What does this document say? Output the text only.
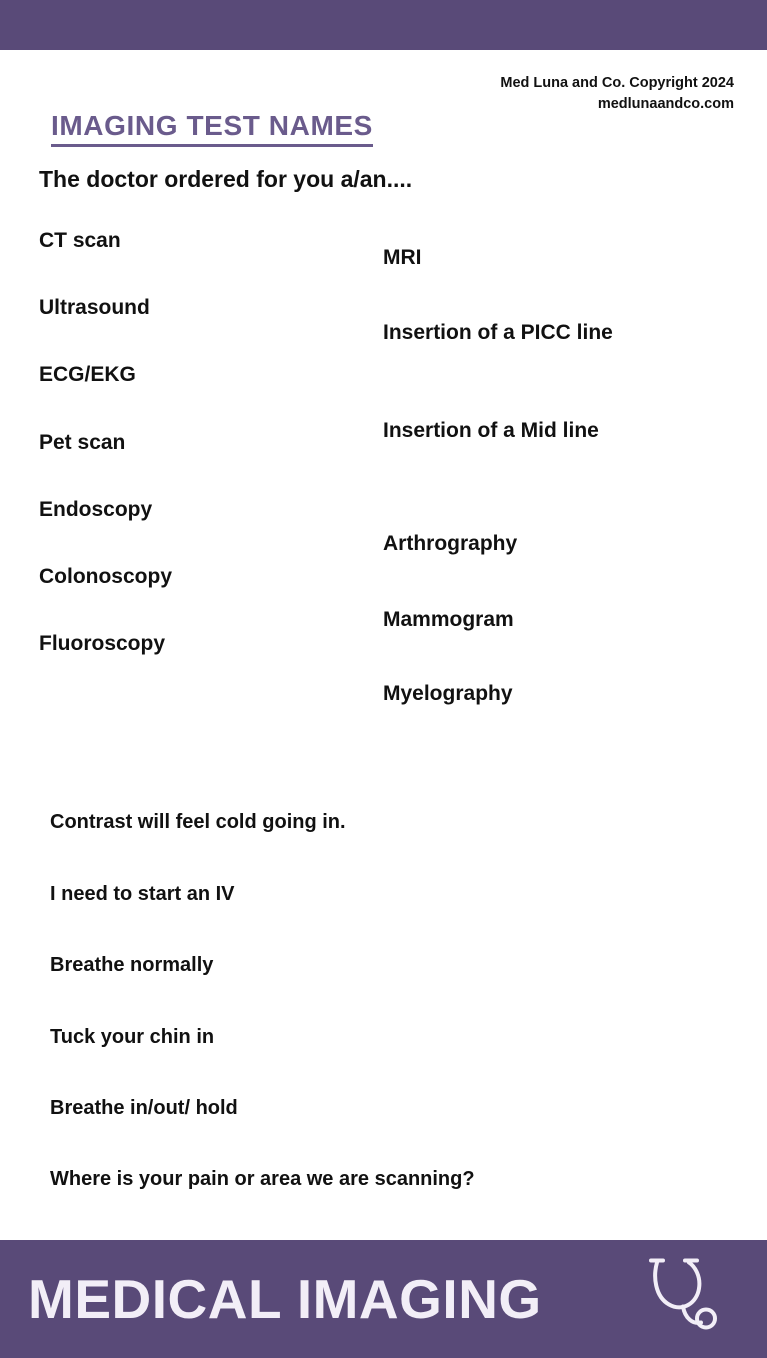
Med Luna and Co. Copyright 2024
medlunaandco.com
IMAGING TEST NAMES
The doctor ordered for you a/an....
CT scan
Ultrasound
ECG/EKG
Pet scan
Endoscopy
Colonoscopy
Fluoroscopy
MRI
Insertion of a PICC line
Insertion of a Mid line
Arthrography
Mammogram
Myelography
Contrast will feel cold going in.
I need to start an IV
Breathe normally
Tuck your chin in
Breathe in/out/ hold
Where is your pain or area we are scanning?
MEDICAL IMAGING
